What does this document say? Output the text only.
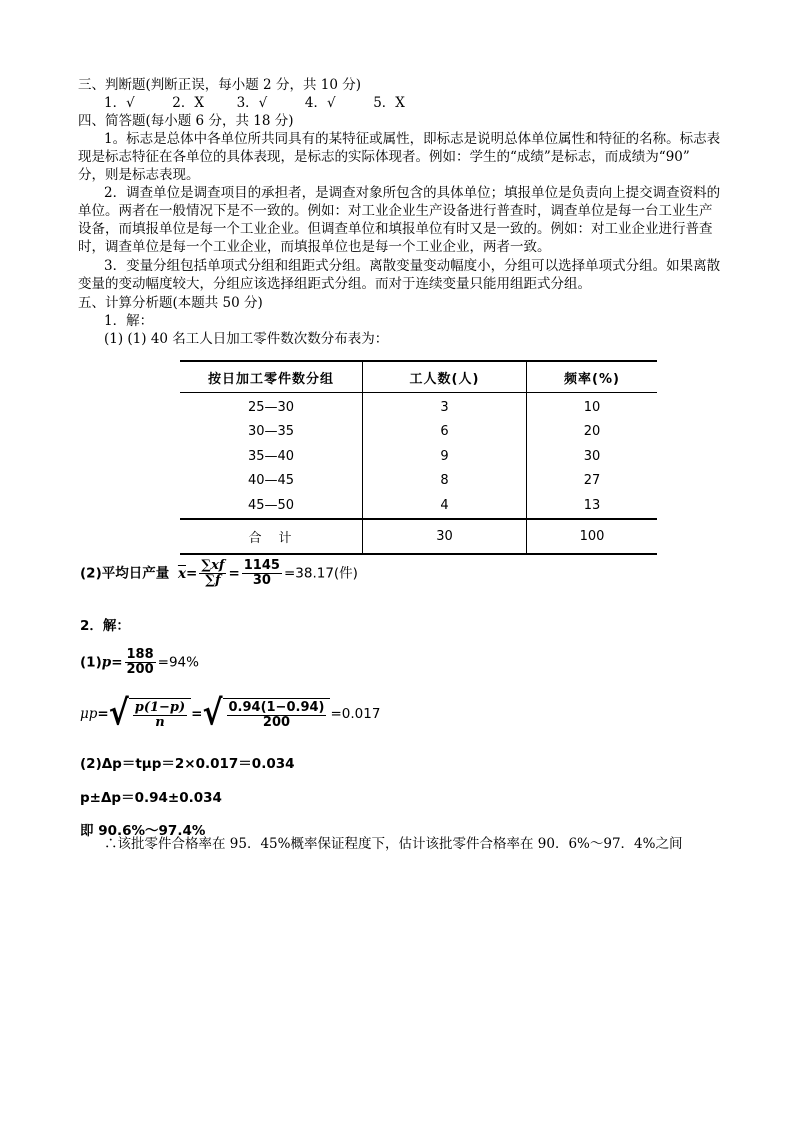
三、判断题(判断正误，每小题 2 分，共 10 分)
1．√	2．X 3．√	4．√	5．X
四、简答题(每小题 6 分，共 18 分)
1。标志是总体中各单位所共同具有的某特征或属性，即标志是说明总体单位属性和特征的名称。标志表
现是标志特征在各单位的具体表现，是标志的实际体现者。例如：学生的“成绩”是标志，而成绩为“90”
分，则是标志表现。
2．调查单位是调查项目的承担者，是调查对象所包含的具体单位；填报单位是负责向上提交调查资料的
单位。两者在一般情况下是不一致的。例如：对工业企业生产设备进行普查时，调查单位是每一台工业生产
设备，而填报单位是每一个工业企业。但调查单位和填报单位有时又是一致的。例如：对工业企业进行普查
时，调查单位是每一个工业企业，而填报单位也是每一个工业企业，两者一致。
3．变量分组包括单项式分组和组距式分组。离散变量变动幅度小，分组可以选择单项式分组。如果离散
变量的变动幅度较大，分组应该选择组距式分组。而对于连续变量只能用组距式分组。
五、计算分析题(本题共 50 分)
1．解：
(1) (1) 40 名工人日加工零件数次数分布表为：
按日加工零件数分组	工人数(人)	频率(%)
25—30	3	10
30—35	6	20
35—40	9	30
40—45	8	27
45—50	4	13
合　计	30	100
(2)平均日产量 $\overline{x}= \frac{\sum xf}{\sum f} = \frac{1145}{30} =38.17$(件)
2．解：
$(1)p= \frac{188}{200} =94\%$
$\mu p=√ \frac{p(1-p)}{n}$ =√ $\frac{0.94(1-0.94)}{200} =0.017$
(2)Δp＝tμp＝2×0.017＝0.034
p±Δp＝0.94±0.034
即 90.6%～97.4%
∴该批零件合格率在 95．45%概率保证程度下，估计该批零件合格率在 90．6%～97．4%之间
